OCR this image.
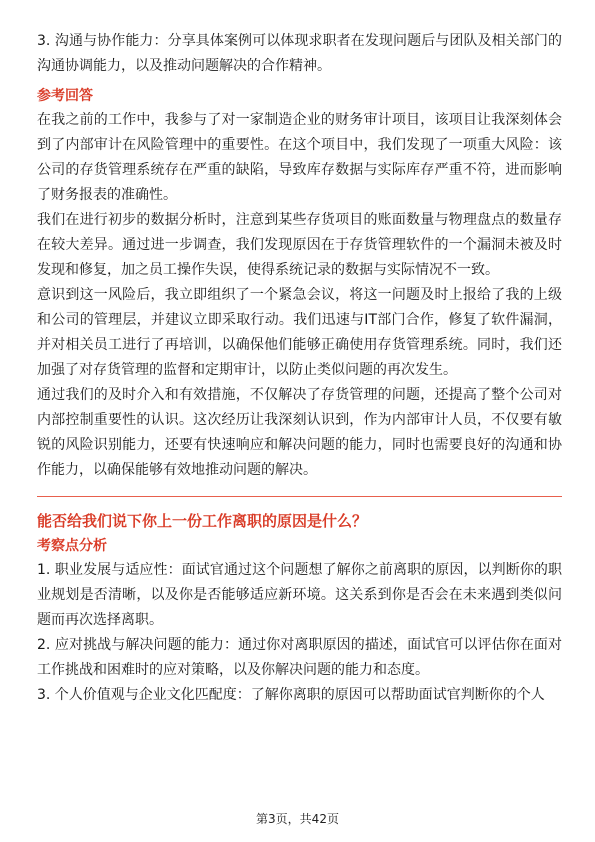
3. 沟通与协作能力：分享具体案例可以体现求职者在发现问题后与团队及相关部门的沟通协调能力，以及推动问题解决的合作精神。

参考回答

在我之前的工作中，我参与了对一家制造企业的财务审计项目，该项目让我深刻体会到了内部审计在风险管理中的重要性。在这个项目中，我们发现了一项重大风险：该公司的存货管理系统存在严重的缺陷，导致库存数据与实际库存严重不符，进而影响了财务报表的准确性。

我们在进行初步的数据分析时，注意到某些存货项目的账面数量与物理盘点的数量存在较大差异。通过进一步调查，我们发现原因在于存货管理软件的一个漏洞未被及时发现和修复，加之员工操作失误，使得系统记录的数据与实际情况不一致。

意识到这一风险后，我立即组织了一个紧急会议，将这一问题及时上报给了我的上级和公司的管理层，并建议立即采取行动。我们迅速与IT部门合作，修复了软件漏洞，并对相关员工进行了再培训，以确保他们能够正确使用存货管理系统。同时，我们还加强了对存货管理的监督和定期审计，以防止类似问题的再次发生。

通过我们的及时介入和有效措施，不仅解决了存货管理的问题，还提高了整个公司对内部控制重要性的认识。这次经历让我深刻认识到，作为内部审计人员，不仅要有敏锐的风险识别能力，还要有快速响应和解决问题的能力，同时也需要良好的沟通和协作能力，以确保能够有效地推动问题的解决。

能否给我们说下你上一份工作离职的原因是什么？
考察点分析

1. 职业发展与适应性：面试官通过这个问题想了解你之前离职的原因，以判断你的职业规划是否清晰，以及你是否能够适应新环境。这关系到你是否会在未来遇到类似问题而再次选择离职。

2. 应对挑战与解决问题的能力：通过你对离职原因的描述，面试官可以评估你在面对工作挑战和困难时的应对策略，以及你解决问题的能力和态度。

3. 个人价值观与企业文化匹配度：了解你离职的原因可以帮助面试官判断你的个人

第3页，共42页
